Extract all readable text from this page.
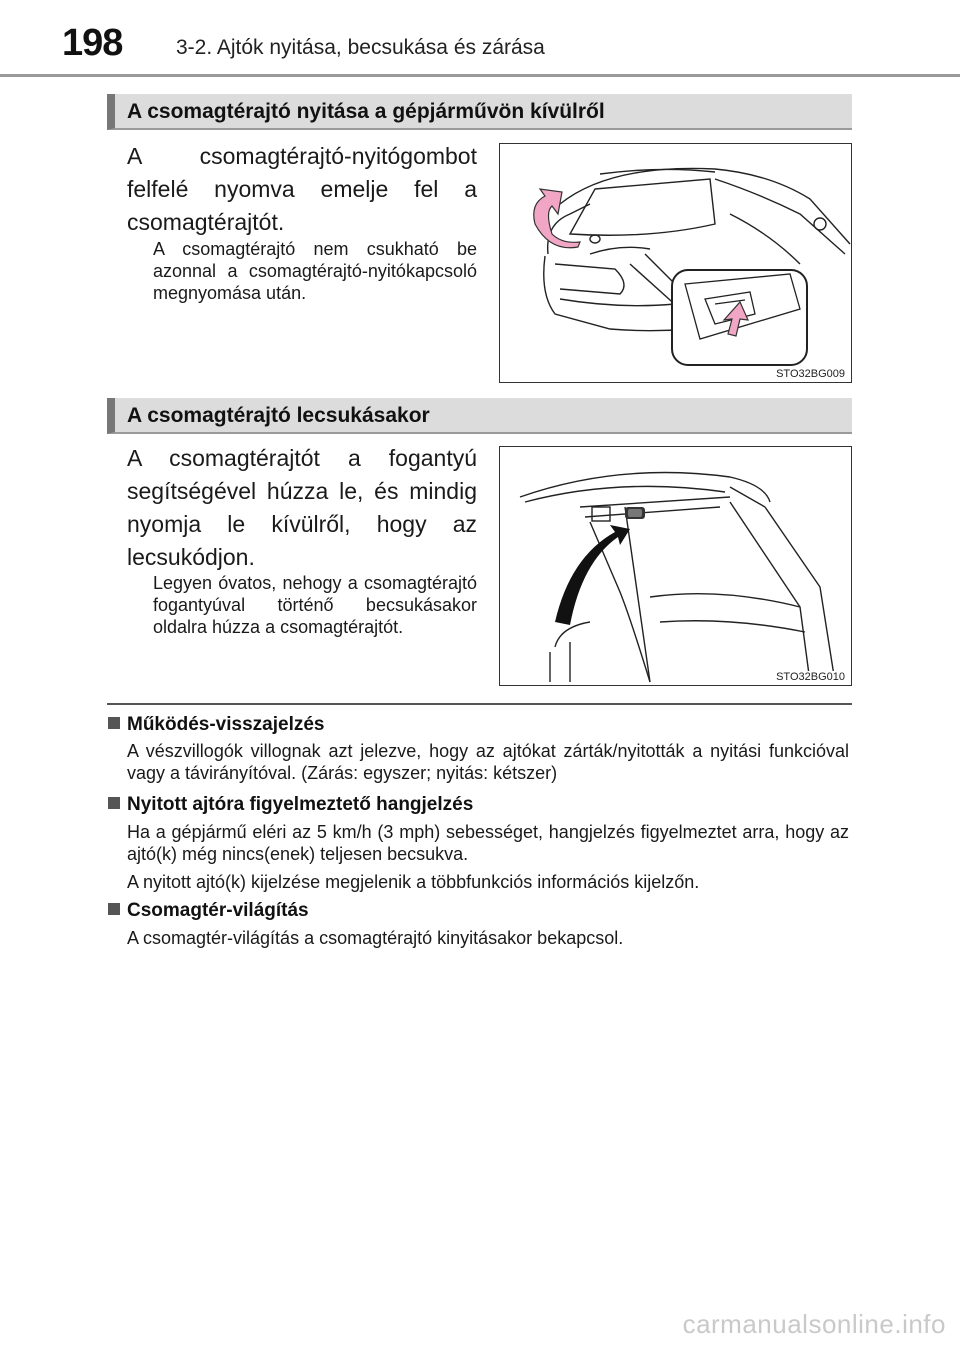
198	3-2. Ajtók nyitása, becsukása és zárása
A csomagtérajtó nyitása a gépjárművön kívülről
A csomagtérajtó-nyitógombot felfelé nyomva emelje fel a csomagtérajtót.
A csomagtérajtó nem csukható be azonnal a csomagtérajtó-nyitókapcsoló megnyomása után.
STO32BG009
A csomagtérajtó lecsukásakor
A csomagtérajtót a fogantyú segítségével húzza le, és mindig nyomja le kívülről, hogy az lecsukódjon.
Legyen óvatos, nehogy a csomagtérajtó fogantyúval történő becsukásakor oldalra húzza a csomagtérajtót.
STO32BG010
Működés-visszajelzés
A vészvillogók villognak azt jelezve, hogy az ajtókat zárták/nyitották a nyitási funkcióval vagy a távirányítóval. (Zárás: egyszer; nyitás: kétszer)
Nyitott ajtóra figyelmeztető hangjelzés
Ha a gépjármű eléri az 5 km/h (3 mph) sebességet, hangjelzés figyelmeztet arra, hogy az ajtó(k) még nincs(enek) teljesen becsukva.
A nyitott ajtó(k) kijelzése megjelenik a többfunkciós információs kijelzőn.
Csomagtér-világítás
A csomagtér-világítás a csomagtérajtó kinyitásakor bekapcsol.
carmanualsonline.info
